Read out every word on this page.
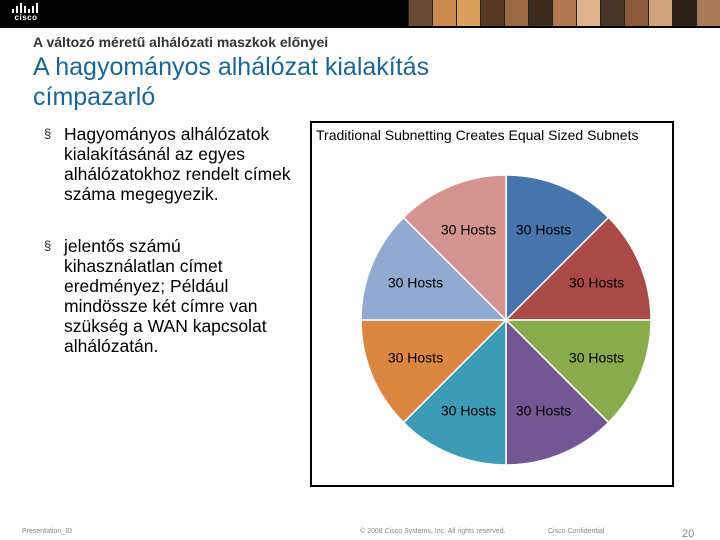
cisco
A változó méretű alhálózati maszkok előnyei
A hagyományos alhálózat kialakítás címpazarló
§ Hagyományos alhálózatok kialakításánál az egyes alhálózatokhoz rendelt címek száma megegyezik.
§ jelentős számú kihasználatlan címet eredményez; Például mindössze két címre van szükség a WAN kapcsolat alhálózatán.
30 Hosts
30 Hosts
30 Hosts
30 Hosts
30 Hosts
30 Hosts
30 Hosts
30 Hosts
Traditional Subnetting Creates Equal Sized Subnets
Presentation_ID	© 2008 Cisco Systems, Inc. All rights reserved.	Cisco Confidential	20
